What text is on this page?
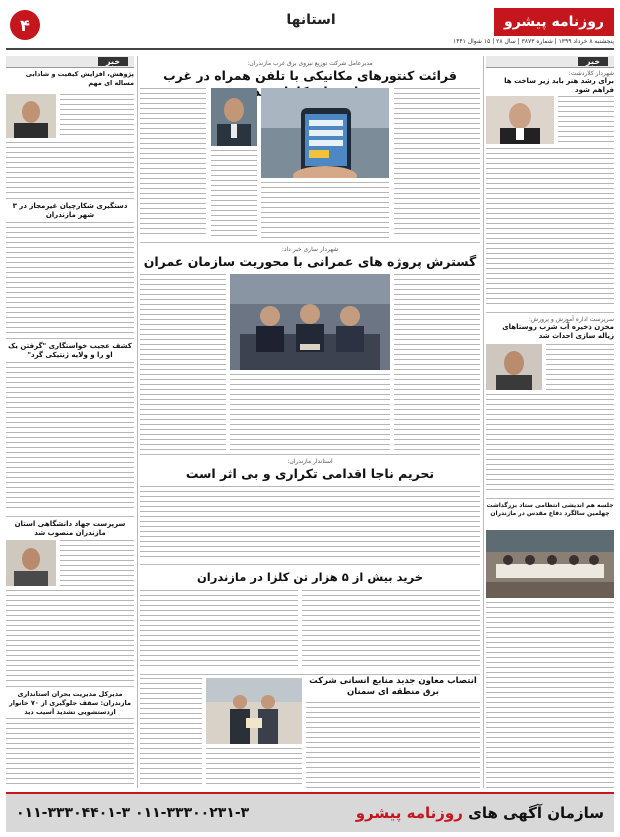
۴	استانها	روزنامه پیشرو
پنجشنبه ۸ خرداد ۱۳۹۹ | شماره ۳۸۷۳ | سال ۲۸ | ۱۵ شوال ۱۴۴۱
خبر
خبر
شهردار کلاردشت:
برای رشد هنر باید زیر ساخت ها فراهم شود
سرپرست اداره آموزش و پرورش:
مخزن ذخیره آب شرب روستاهای زیاله سازی احداث شد
جلسه هم اندیشی انتظامی ستاد بزرگداشت چهلمین سالگرد دفاع مقدس در مازندران
پژوهش، افزایش کیفیت و شادابی مساله ای مهم
دستگیری شکارچیان غیرمجاز در ۳ شهر مازندران
کشف عجیب خواستگاری "گرفتن یک او را و ولایه ژنتیکی گرد"
سرپرست جهاد دانشگاهی استان مازندران منصوب شد
مدیرکل مدیریت بحران استانداری مازندران: سقف جلوگیری از ۷۰ خانوار ازدستشویی تشدید آسیب دید
مدیرعامل شرکت توزیع نیروی برق غرب مازندران:
قرائت کنتورهای مکانیکی با تلفن همراه در غرب
شهردار ساری خبر داد:
گسترش پروژه های عمرانی با محوریت سازمان عمران
استاندار مازندران:
تحریم ناجا اقدامی تکراری و بی اثر است
خرید بیش از ۵ هزار تن کلزا در مازندران
انتصاب معاون جدید منابع انسانی شرکت برق منطقه ای سمنان
سازمان آگهی های روزنامه پیشرو
۰۱۱-۳۳۳۰۴۴۰۱-۳ ۰۱۱-۳۳۳۰۰۲۳۱-۳
